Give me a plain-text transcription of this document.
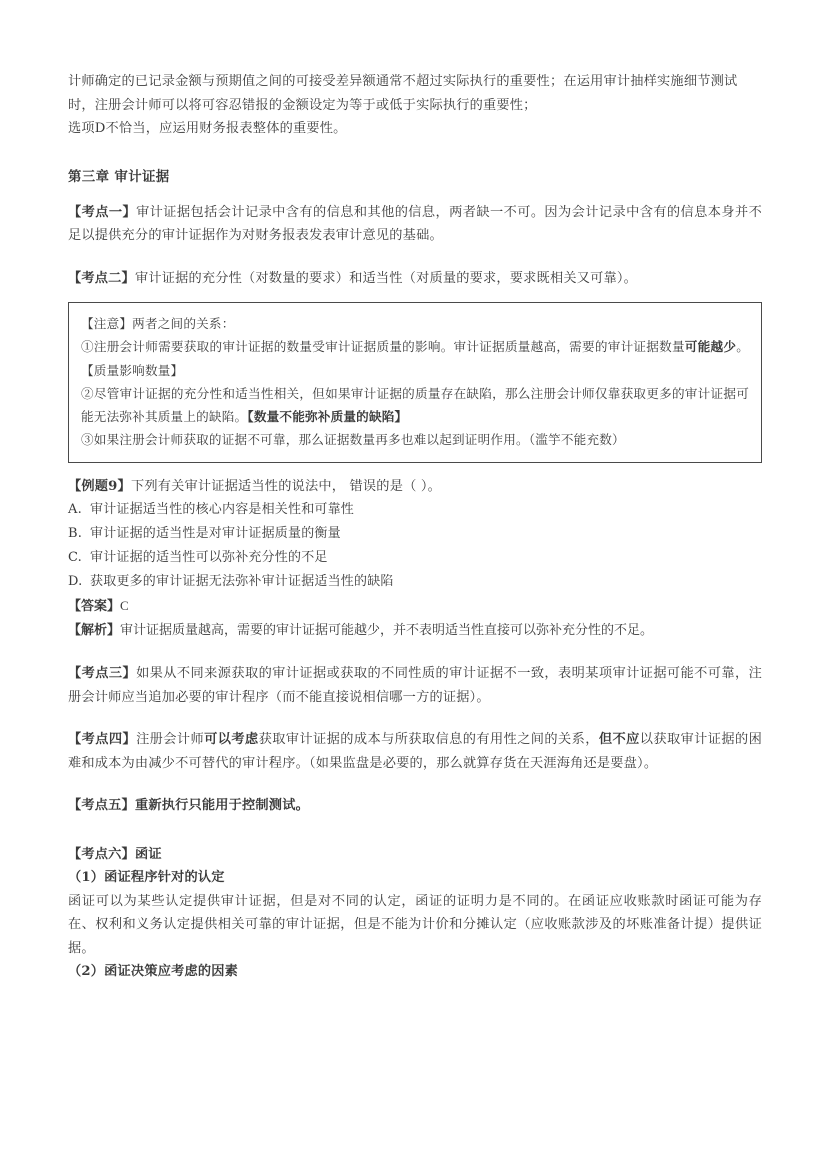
计师确定的已记录金额与预期值之间的可接受差异额通常不超过实际执行的重要性；在运用审计抽样实施细节测试
时，注册会计师可以将可容忍错报的金额设定为等于或低于实际执行的重要性；
选项D不恰当，应运用财务报表整体的重要性。
第三章 审计证据
【考点一】审计证据包括会计记录中含有的信息和其他的信息，两者缺一不可。因为会计记录中含有的信息本身并不足以提供充分的审计证据作为对财务报表发表审计意见的基础。
【考点二】审计证据的充分性（对数量的要求）和适当性（对质量的要求，要求既相关又可靠）。
【注意】两者之间的关系：
①注册会计师需要获取的审计证据的数量受审计证据质量的影响。审计证据质量越高，需要的审计证据数量可能越少。【质量影响数量】
②尽管审计证据的充分性和适当性相关，但如果审计证据的质量存在缺陷，那么注册会计师仅靠获取更多的审计证据可能无法弥补其质量上的缺陷。【数量不能弥补质量的缺陷】
③如果注册会计师获取的证据不可靠，那么证据数量再多也难以起到证明作用。（滥竽不能充数）
【例题9】下列有关审计证据适当性的说法中， 错误的是（ ）。
A. 审计证据适当性的核心内容是相关性和可靠性
B. 审计证据的适当性是对审计证据质量的衡量
C. 审计证据的适当性可以弥补充分性的不足
D. 获取更多的审计证据无法弥补审计证据适当性的缺陷
【答案】C
【解析】审计证据质量越高，需要的审计证据可能越少，并不表明适当性直接可以弥补充分性的不足。
【考点三】如果从不同来源获取的审计证据或获取的不同性质的审计证据不一致，表明某项审计证据可能不可靠，注册会计师应当追加必要的审计程序（而不能直接说相信哪一方的证据）。
【考点四】注册会计师可以考虑获取审计证据的成本与所获取信息的有用性之间的关系，但不应以获取审计证据的困难和成本为由减少不可替代的审计程序。（如果监盘是必要的，那么就算存货在天涯海角还是要盘）。
【考点五】重新执行只能用于控制测试。
【考点六】函证
（1）函证程序针对的认定
函证可以为某些认定提供审计证据，但是对不同的认定，函证的证明力是不同的。在函证应收账款时函证可能为存在、权利和义务认定提供相关可靠的审计证据，但是不能为计价和分摊认定（应收账款涉及的坏账准备计提）提供证据。
（2）函证决策应考虑的因素
